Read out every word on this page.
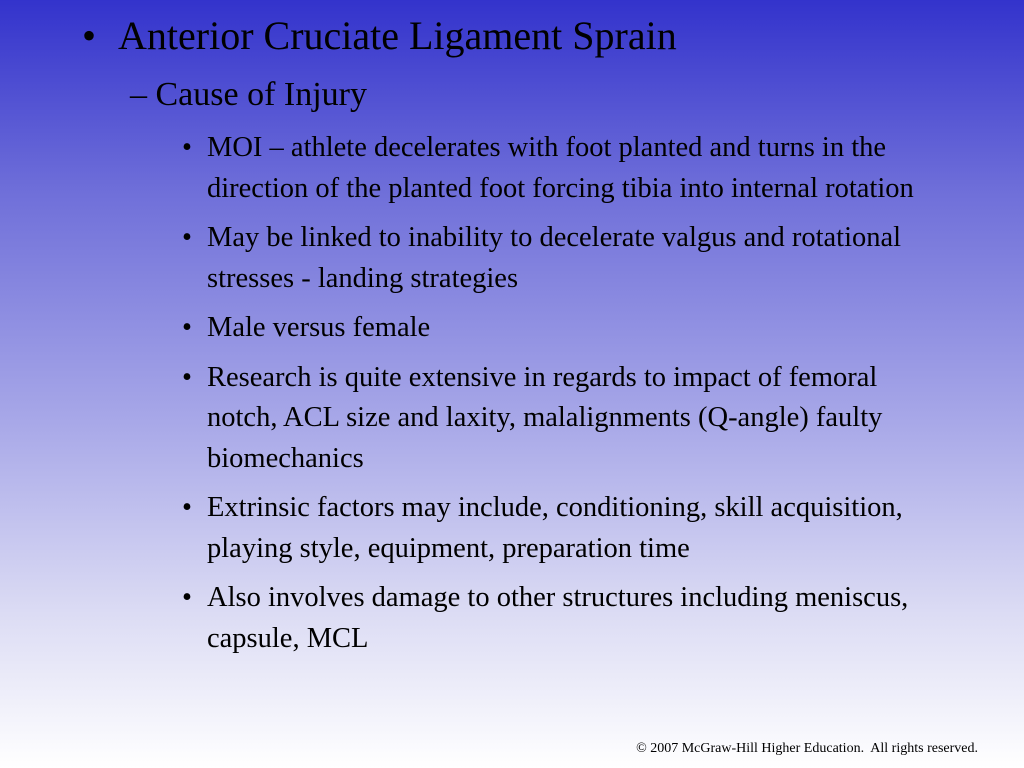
• Anterior Cruciate Ligament Sprain
– Cause of Injury
• MOI – athlete decelerates with foot planted and turns in the direction of the planted foot forcing tibia into internal rotation
• May be linked to inability to decelerate valgus and rotational stresses - landing strategies
• Male versus female
• Research is quite extensive in regards to impact of femoral notch, ACL size and laxity, malalignments (Q-angle) faulty biomechanics
• Extrinsic factors may include, conditioning, skill acquisition, playing style, equipment, preparation time
• Also involves damage to other structures including meniscus, capsule, MCL
© 2007 McGraw-Hill Higher Education.  All rights reserved.
